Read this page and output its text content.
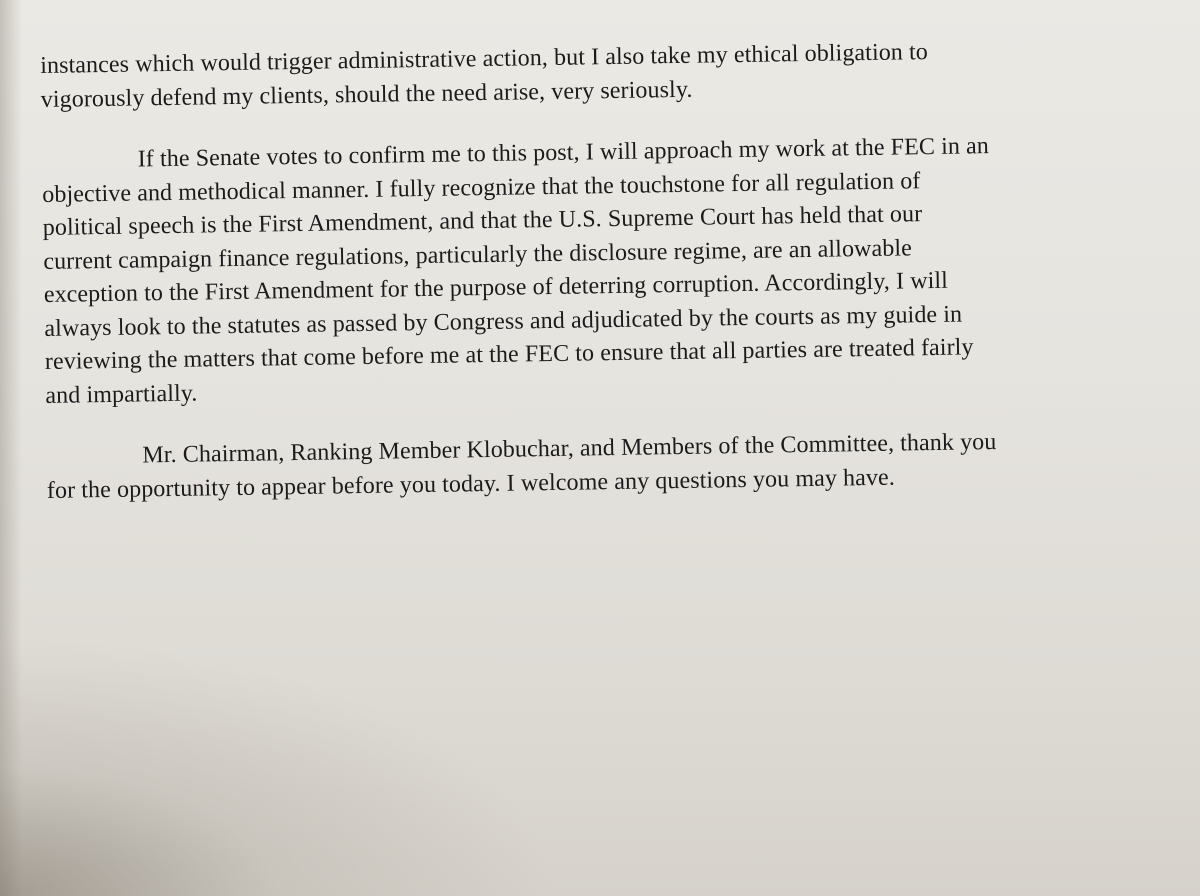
instances which would trigger administrative action, but I also take my ethical obligation to
vigorously defend my clients, should the need arise, very seriously.
If the Senate votes to confirm me to this post, I will approach my work at the FEC in an
objective and methodical manner. I fully recognize that the touchstone for all regulation of
political speech is the First Amendment, and that the U.S. Supreme Court has held that our
current campaign finance regulations, particularly the disclosure regime, are an allowable
exception to the First Amendment for the purpose of deterring corruption. Accordingly, I will
always look to the statutes as passed by Congress and adjudicated by the courts as my guide in
reviewing the matters that come before me at the FEC to ensure that all parties are treated fairly
and impartially.
Mr. Chairman, Ranking Member Klobuchar, and Members of the Committee, thank you
for the opportunity to appear before you today. I welcome any questions you may have.
